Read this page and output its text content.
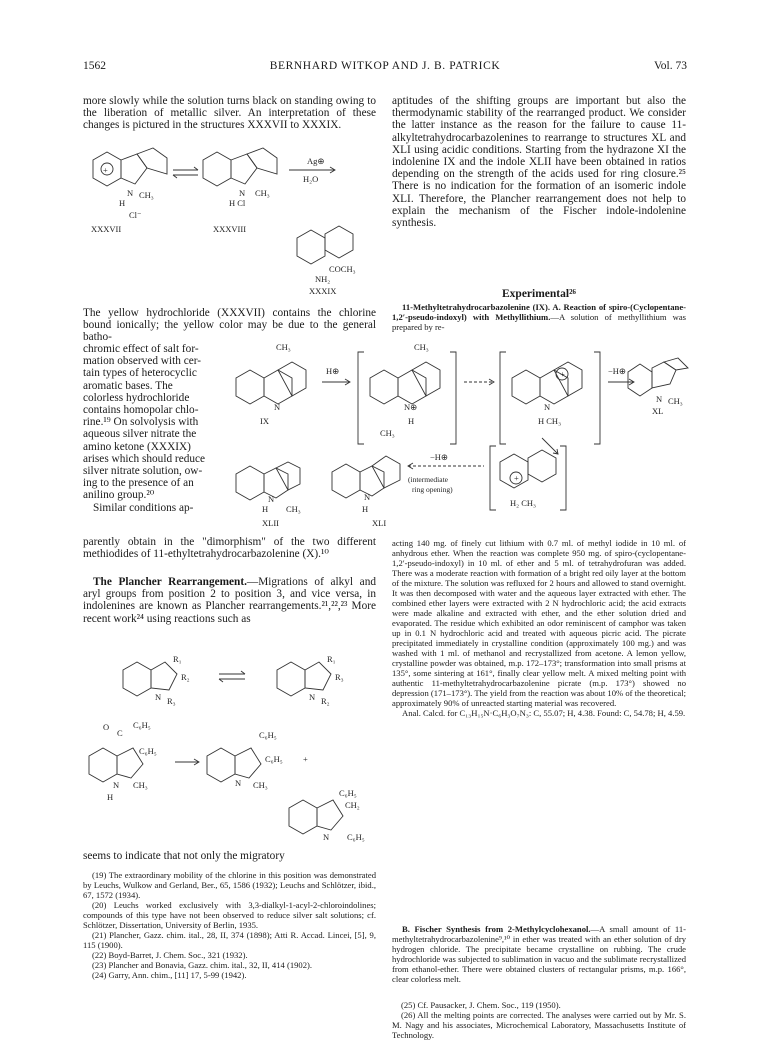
1562	BERNHARD WITKOP AND J. B. PATRICK	Vol. 73

more slowly while the solution turns black on standing owing to the liberation of metallic silver. An interpretation of these changes is pictured in the structures XXXVII to XXXIX.

+
N CH₃
H
Cl⁻
XXXVII
N CH₃
H Cl
XXXVIII
Ag⊕
H₂O
COCH₃
NH₂
XXXIX

The yellow hydrochloride (XXXVII) contains the chlorine bound ionically; the yellow color may be due to the general batho-

chromic effect of salt for-
mation observed with cer-
tain types of heterocyclic
aromatic bases. The
colorless hydrochloride
contains homopolar chlo-
rine.¹⁹ On solvolysis with
aqueous silver nitrate the
amino ketone (XXXIX)
arises which should reduce
silver nitrate solution, ow-
ing to the presence of an
anilino group.²⁰
Similar conditions ap-
CH₃
N
IX
H⊕
CH₃
N⊕
H
+
N
H CH₃
−H⊕
N CH₃
XL
N
H CH₃
XLII
CH₃
N
H
XLI
−H⊕
(intermediate
ring opening)
+
H₂ CH₃

parently obtain in the "dimorphism" of the two different methiodides of 11-ethyltetrahydrocarbazolenine (X).¹⁰

The Plancher Rearrangement.—Migrations of alkyl and aryl groups from position 2 to position 3, and vice versa, in indolenines are known as Plancher rearrangements.²¹,²²,²³ More recent work²⁴ using reactions such as

R₁
R₂
N R₃
R₁
R₃
N R₂
O
C
C₆H₅
C₆H₅
N CH₃
H
C₆H₅
C₆H₅ +
N CH₃
C₆H₅
CH₂
N C₆H₅

seems to indicate that not only the migratory

(19) The extraordinary mobility of the chlorine in this position was demonstrated by Leuchs, Wulkow and Gerland, Ber., 65, 1586 (1932); Leuchs and Schlötzer, ibid., 67, 1572 (1934).

(20) Leuchs worked exclusively with 3,3-dialkyl-1-acyl-2-chloroindolines; compounds of this type have not been observed to reduce silver salt solutions; cf. Schlötzer, Dissertation, University of Berlin, 1935.

(21) Plancher, Gazz. chim. ital., 28, II, 374 (1898); Atti R. Accad. Lincei, [5], 9, 115 (1900).

(22) Boyd-Barret, J. Chem. Soc., 321 (1932).

(23) Plancher and Bonavia, Gazz. chim. ital., 32, II, 414 (1902).

(24) Garry, Ann. chim., [11] 17, 5-99 (1942).

aptitudes of the shifting groups are important but also the thermodynamic stability of the rearranged product. We consider the latter instance as the reason for the failure to cause 11-alkyltetrahydrocarbazolenines to rearrange to structures XL and XLI using acidic conditions. Starting from the hydrazone XI the indolenine IX and the indole XLII have been obtained in ratios depending on the strength of the acids used for ring closure.²⁵ There is no indication for the formation of an isomeric indole XLI. Therefore, the Plancher rearrangement does not help to explain the mechanism of the Fischer indole-indolenine synthesis.

Experimental²⁶

11-Methyltetrahydrocarbazolenine (IX). A. Reaction of spiro-(Cyclopentane-1,2′-pseudo-indoxyl) with Methyllithium.—A solution of methyllithium was prepared by re-

acting 140 mg. of finely cut lithium with 0.7 ml. of methyl iodide in 10 ml. of anhydrous ether. When the reaction was complete 950 mg. of spiro-(cyclopentane-1,2′-pseudo-indoxyl) in 10 ml. of ether and 5 ml. of tetrahydrofuran was added. There was a moderate reaction with formation of a bright red oily layer at the bottom of the mixture. The solution was refluxed for 2 hours and allowed to stand overnight. It was then decomposed with water and the aqueous layer extracted with ether. The combined ether layers were extracted with 2 N hydrochloric acid; the acid extracts were made alkaline and extracted with ether, and the ether solution dried and evaporated. The residue which exhibited an odor reminiscent of camphor was taken up in 0.1 N hydrochloric acid and treated with aqueous picric acid. The picrate precipitated immediately in crystalline condition (approximately 100 mg.) and was washed with 1 ml. of methanol and recrystallized from acetone. A lemon yellow, crystalline powder was obtained, m.p. 172–173°; transformation into small prisms at 135°, some sintering at 161°, finally clear yellow melt. A mixed melting point with authentic 11-methyltetrahydrocarbazolenine picrate (m.p. 173°) showed no depression (171–173°). The yield from the reaction was about 10% of the theoretical; approximately 90% of unreacted starting material was recovered.

Anal. Calcd. for C₁₃H₁₅N·C₆H₃O₇N₃: C, 55.07; H, 4.38. Found: C, 54.78; H, 4.59.

B. Fischer Synthesis from 2-Methylcyclohexanol.—A small amount of 11-methyltetrahydrocarbazolenine⁹,¹⁰ in ether was treated with an ether solution of dry hydrogen chloride. The precipitate became crystalline on rubbing. The crude hydrochloride was subjected to sublimation in vacuo and the sublimate recrystallized from ethanol-ether. There were obtained clusters of rectangular prisms, m.p. 166°, clear colorless melt.

(25) Cf. Pausacker, J. Chem. Soc., 119 (1950).

(26) All the melting points are corrected. The analyses were carried out by Mr. S. M. Nagy and his associates, Microchemical Laboratory, Massachusetts Institute of Technology.
